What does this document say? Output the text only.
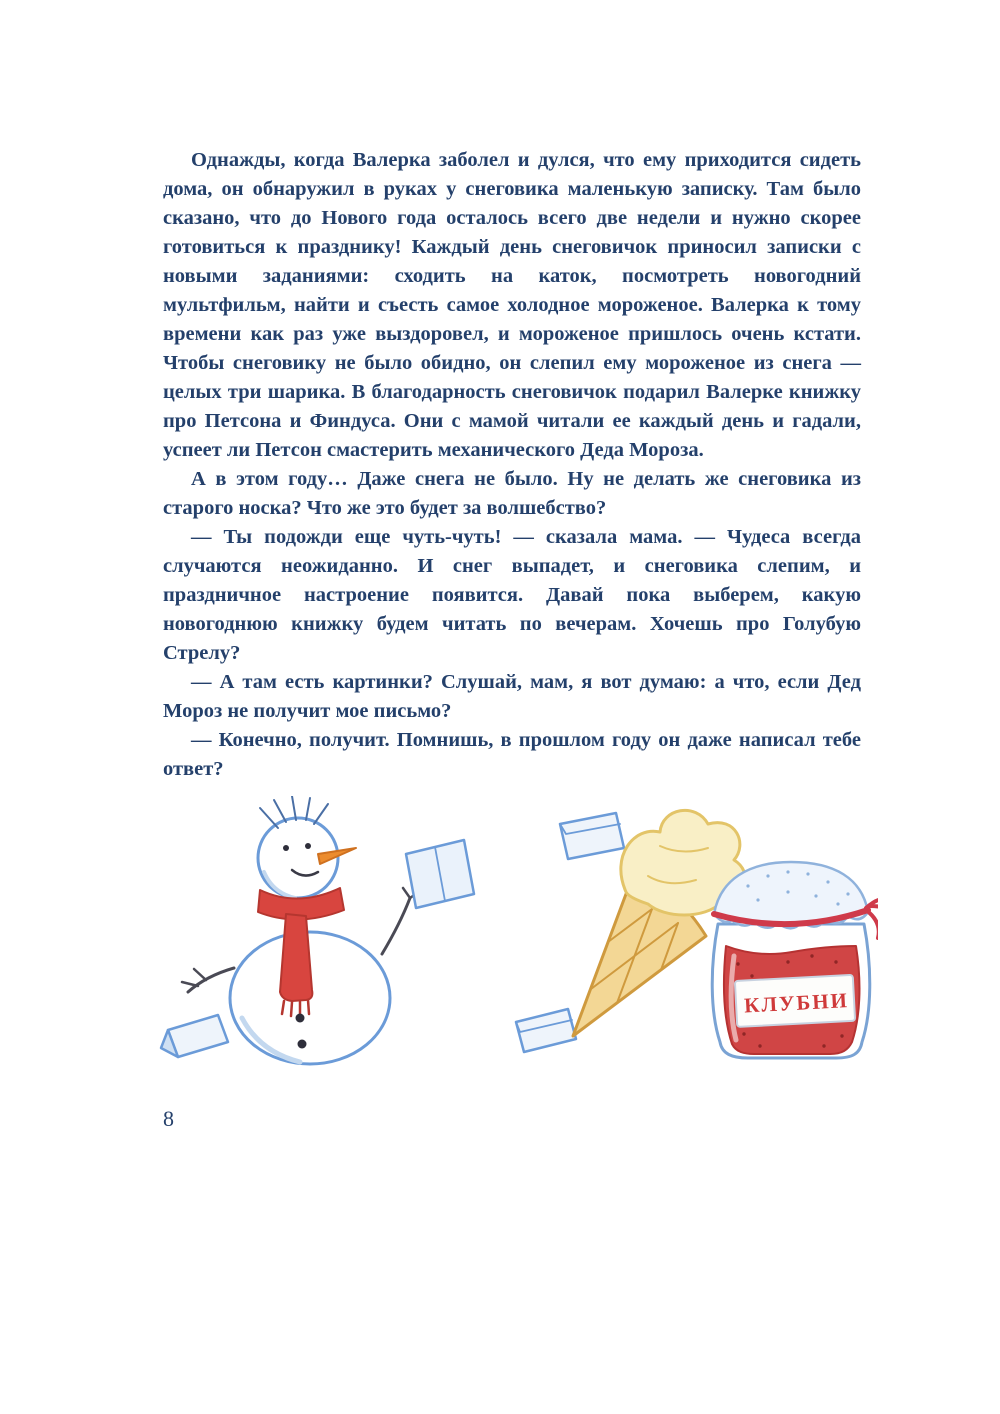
Однажды, когда Валерка заболел и дулся, что ему приходится сидеть дома, он обнаружил в руках у снеговика маленькую записку. Там было сказано, что до Нового года осталось всего две недели и нужно скорее готовиться к празднику! Каждый день снеговичок приносил записки с новыми заданиями: сходить на каток, посмотреть новогодний мультфильм, найти и съесть самое холодное мороженое. Валерка к тому времени как раз уже выздоровел, и мороженое пришлось очень кстати. Чтобы снеговику не было обидно, он слепил ему мороженое из снега — целых три шарика. В благодарность снеговичок подарил Валерке книжку про Петсона и Финдуса. Они с мамой читали ее каждый день и гадали, успеет ли Петсон смастерить механического Деда Мороза.

А в этом году… Даже снега не было. Ну не делать же снеговика из старого носка? Что же это будет за волшебство?

— Ты подожди еще чуть-чуть! — сказала мама. — Чудеса всегда случаются неожиданно. И снег выпадет, и снеговика слепим, и праздничное настроение появится. Давай пока выберем, какую новогоднюю книжку будем читать по вечерам. Хочешь про Голубую Стрелу?

— А там есть картинки? Слушай, мам, я вот думаю: а что, если Дед Мороз не получит мое письмо?

— Конечно, получит. Помнишь, в прошлом году он даже написал тебе ответ?

КЛУБНИ
8
